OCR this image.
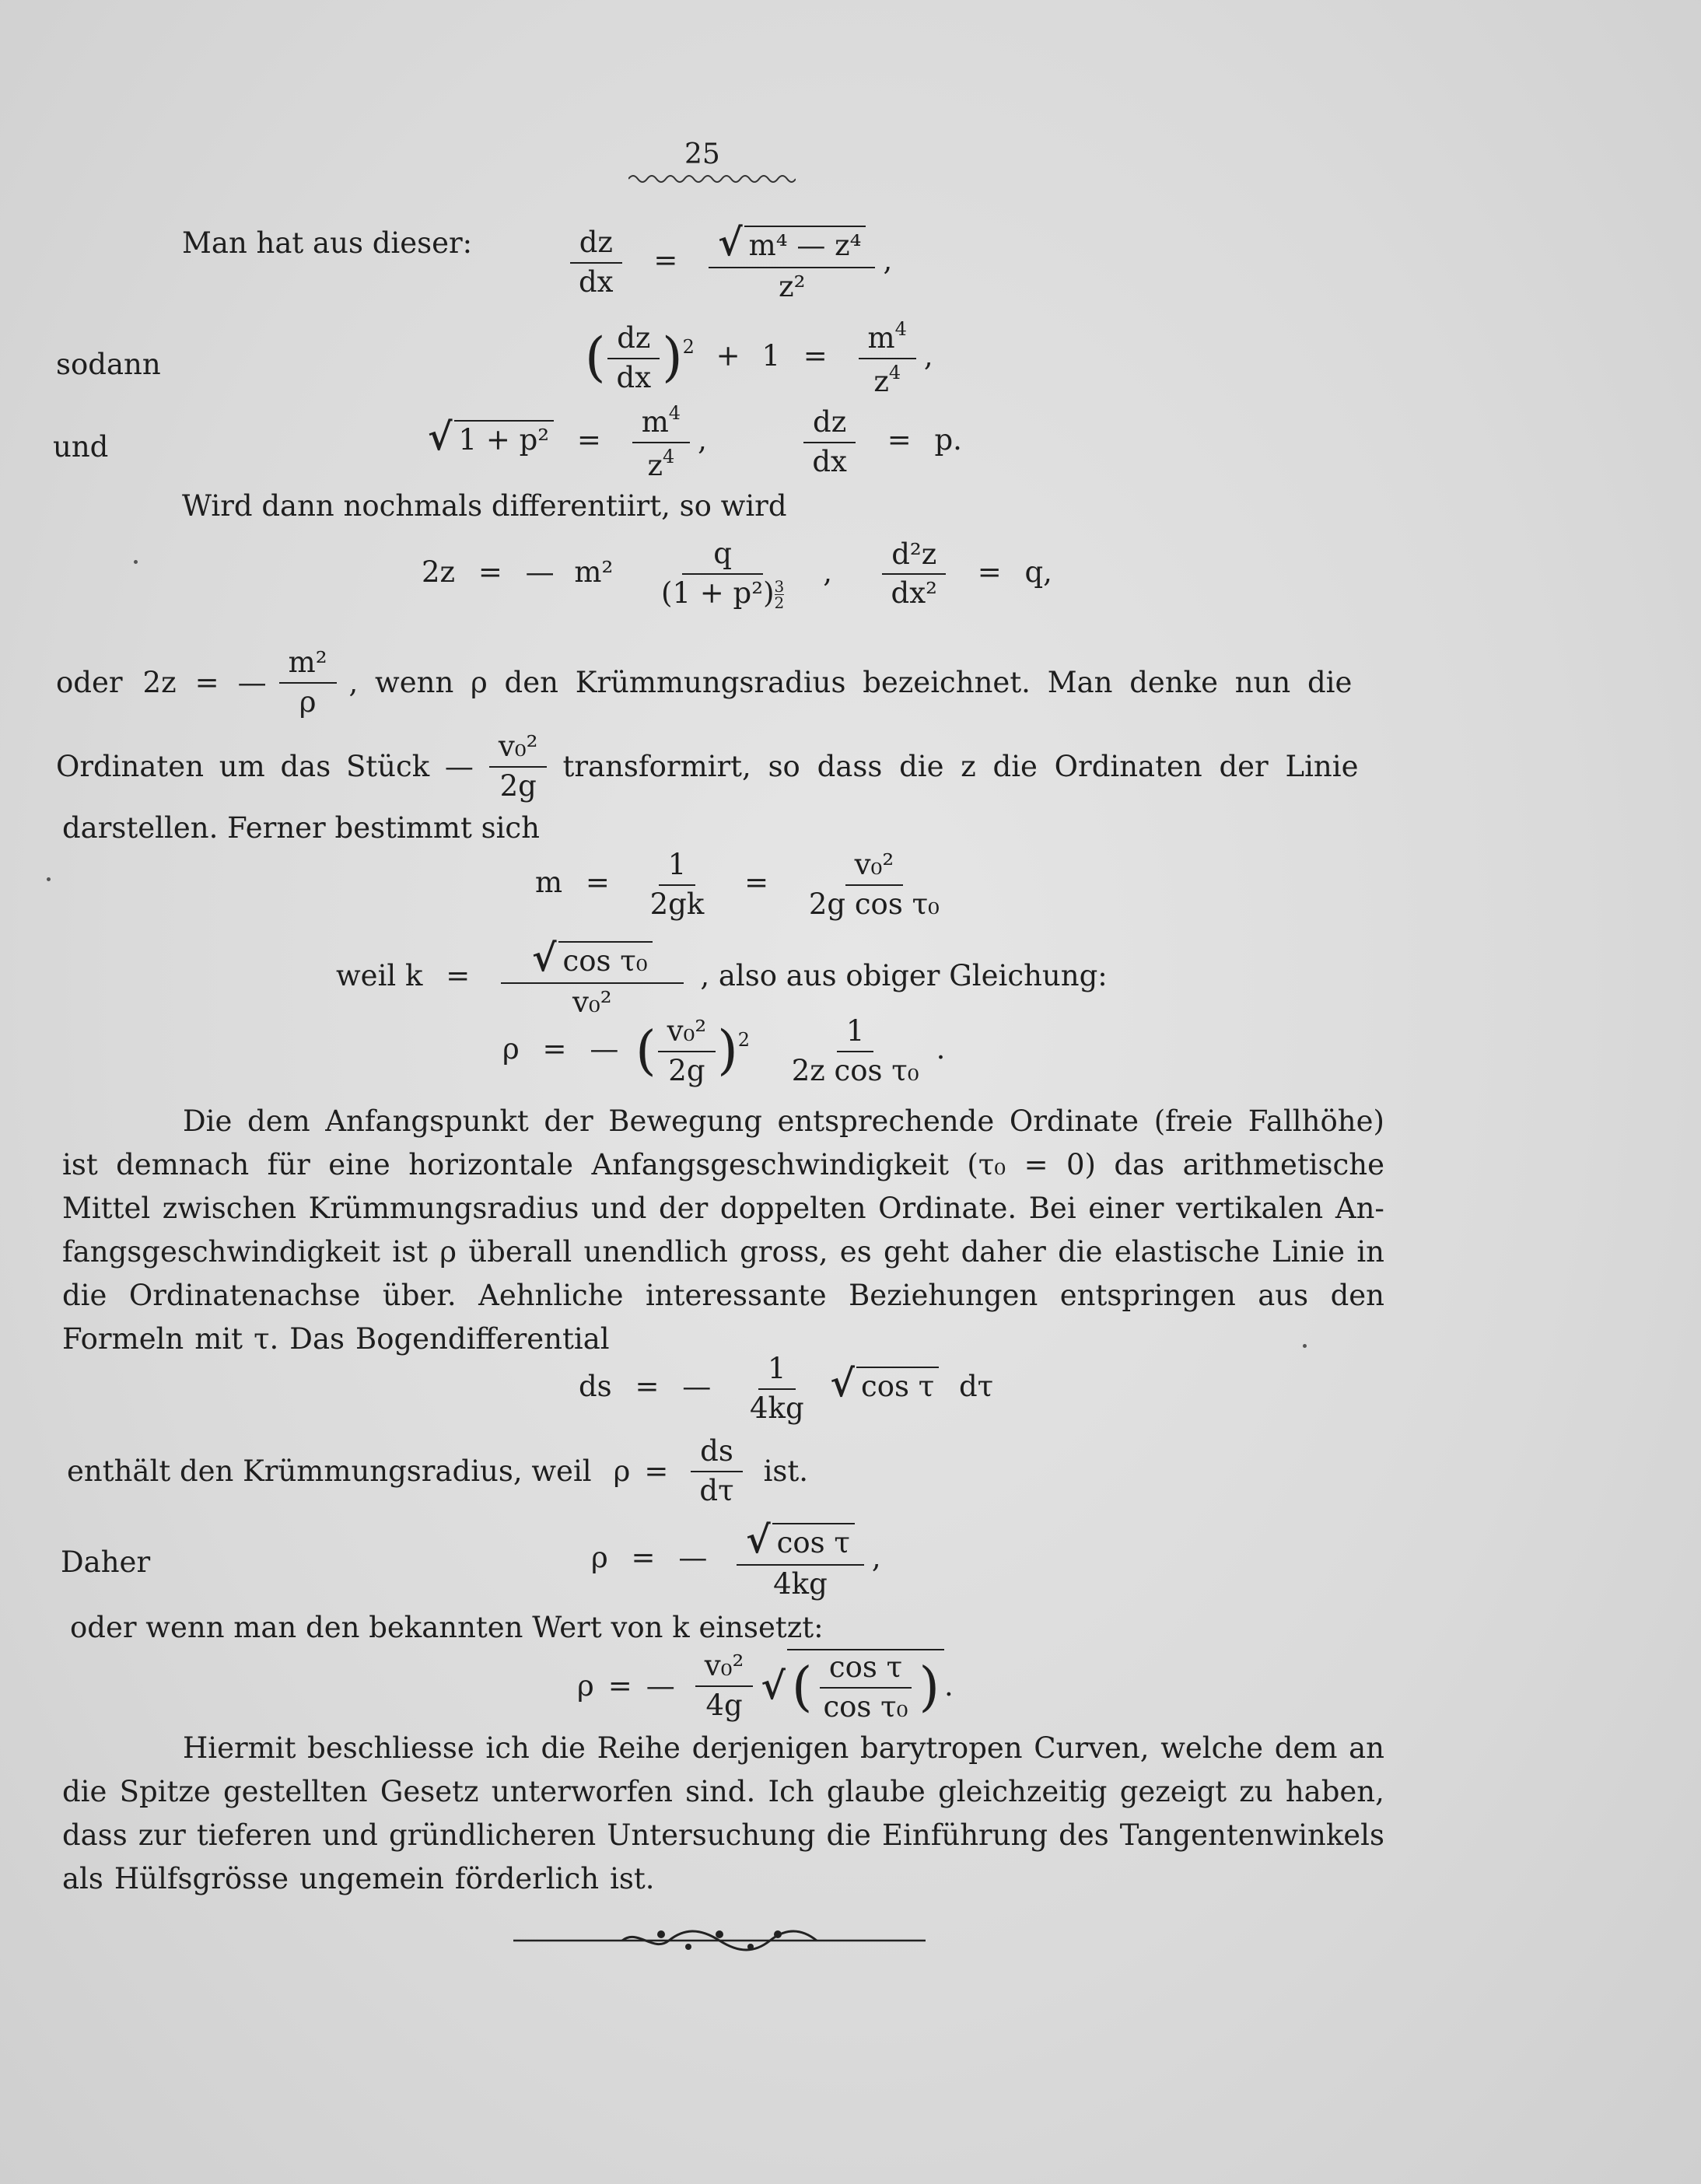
25
Man hat aus dieser:	$\frac{dz}{dx} = \frac{\text{√ m⁴ — z⁴}}{\text{z²}}$ ,
sodann	( $\frac{dz}{dx} )^2 + 1 = \frac{m^4}{z^4}$ ,
und	√ $1 + p^2 = \frac{m^4}{z^4}$ ,	$\frac{dz}{dx} = p$.
Wird dann nochmals differentiirt, so wird
2z = — $m^2 \frac{q}{(1 + p^2) \frac{3}{2}}$ , $\frac{\text{d²z}}{\text{dx²}} = q$,
oder 2z = — $\frac{\text{m²}}{\rho}$ , wenn ρ den Krümmungsradius bezeichnet. Man denke nun die
Ordinaten um das Stück — $\frac{\text{v₀²}}{2g}$ transformirt, so dass die z die Ordinaten der Linie
darstellen. Ferner bestimmt sich
$m = \frac{1}{2gk} = \frac{\text{v₀²}}{\text{2g cos τ₀}}$
weil $k = \frac{\text{√ cos τ₀}}{\text{v₀²}}$ , also aus obiger Gleichung:
ρ = — ( $\frac{\text{v₀²}}{2g} )^2 \frac{1}{\text{2z cos τ₀}}$ .
Die dem Anfangspunkt der Bewegung entsprechende Ordinate (freie Fallhöhe)
ist demnach für eine horizontale Anfangsgeschwindigkeit (τ₀ = 0) das arithmetische
Mittel zwischen Krümmungsradius und der doppelten Ordinate. Bei einer vertikalen An-
fangsgeschwindigkeit ist ρ überall unendlich gross, es geht daher die elastische Linie in
die Ordinatenachse über. Aehnliche interessante Beziehungen entspringen aus den
Formeln mit τ. Das Bogendifferential
ds = — $\frac{1}{4kg}$ √ cos τ dτ
enthält den Krümmungsradius, weil $\rho = \frac{ds}{d\tau}$ ist.
Daher	ρ = — $\frac{\text{√ cos τ}}{4kg}$ ,
oder wenn man den bekannten Wert von k einsetzt:
ρ = — $\frac{\text{v₀²}}{4g}$ √ ( $\frac{\text{cos τ}}{\text{cos τ₀}}$ ) .
Hiermit beschliesse ich die Reihe derjenigen barytropen Curven, welche dem an
die Spitze gestellten Gesetz unterworfen sind. Ich glaube gleichzeitig gezeigt zu haben,
dass zur tieferen und gründlicheren Untersuchung die Einführung des Tangentenwinkels
als Hülfsgrösse ungemein förderlich ist.
